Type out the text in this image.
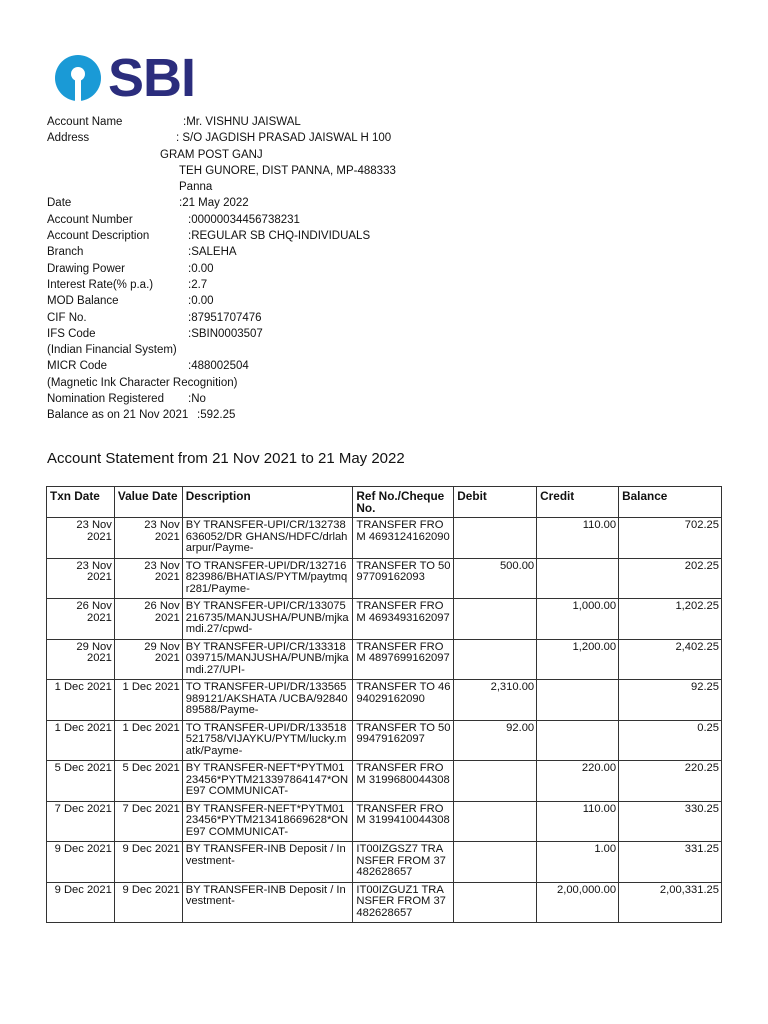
SBI
Account Name	:Mr. VISHNU JAISWAL
Address	: S/O JAGDISH PRASAD JAISWAL H 100
GRAM POST GANJ
TEH GUNORE, DIST PANNA, MP-488333
Panna
Date	:21 May 2022
Account Number	:00000034456738231
Account Description	:REGULAR SB CHQ-INDIVIDUALS
Branch	:SALEHA
Drawing Power	:0.00
Interest Rate(% p.a.)	:2.7
MOD Balance	:0.00
CIF No.	:87951707476
IFS Code	:SBIN0003507
(Indian Financial System)
MICR Code	:488002504
(Magnetic Ink Character Recognition)
Nomination Registered :No
Balance as on 21 Nov 2021 :592.25
Account Statement from 21 Nov 2021 to 21 May 2022
Txn Date	Value Date	Description	Ref No./Cheque No.	Debit	Credit	Balance
23 Nov 2021	23 Nov 2021	BY TRANSFER-UPI/CR/132738636052/DR GHANS/HDFC/drlaharpur/Payme-	TRANSFER FROM 4693124162090		110.00	702.25
23 Nov 2021	23 Nov 2021	TO TRANSFER-UPI/DR/132716823986/BHATIAS/PYTM/paytmqr281/Payme-	TRANSFER TO 5097709162093	500.00		202.25
26 Nov 2021	26 Nov 2021	BY TRANSFER-UPI/CR/133075216735/MANJUSHA/PUNB/mjkamdi.27/cpwd-	TRANSFER FROM 4693493162097		1,000.00	1,202.25
29 Nov 2021	29 Nov 2021	BY TRANSFER-UPI/CR/133318039715/MANJUSHA/PUNB/mjkamdi.27/UPI-	TRANSFER FROM 4897699162097		1,200.00	2,402.25
1 Dec 2021	1 Dec 2021	TO TRANSFER-UPI/DR/133565989121/AKSHATA /UCBA/9284089588/Payme-	TRANSFER TO 4694029162090	2,310.00		92.25
1 Dec 2021	1 Dec 2021	TO TRANSFER-UPI/DR/133518521758/VIJAYKU/PYTM/lucky.matk/Payme-	TRANSFER TO 5099479162097	92.00		0.25
5 Dec 2021	5 Dec 2021	BY TRANSFER-NEFT*PYTM0123456*PYTM213397864147*ONE97 COMMUNICAT-	TRANSFER FROM 3199680044308		220.00	220.25
7 Dec 2021	7 Dec 2021	BY TRANSFER-NEFT*PYTM0123456*PYTM213418669628*ONE97 COMMUNICAT-	TRANSFER FROM 3199410044308		110.00	330.25
9 Dec 2021	9 Dec 2021	BY TRANSFER-INB Deposit / Investment-	IT00IZGSZ7 TRANSFER FROM 37482628657		1.00	331.25
9 Dec 2021	9 Dec 2021	BY TRANSFER-INB Deposit / Investment-	IT00IZGUZ1 TRANSFER FROM 37482628657		2,00,000.00	2,00,331.25
